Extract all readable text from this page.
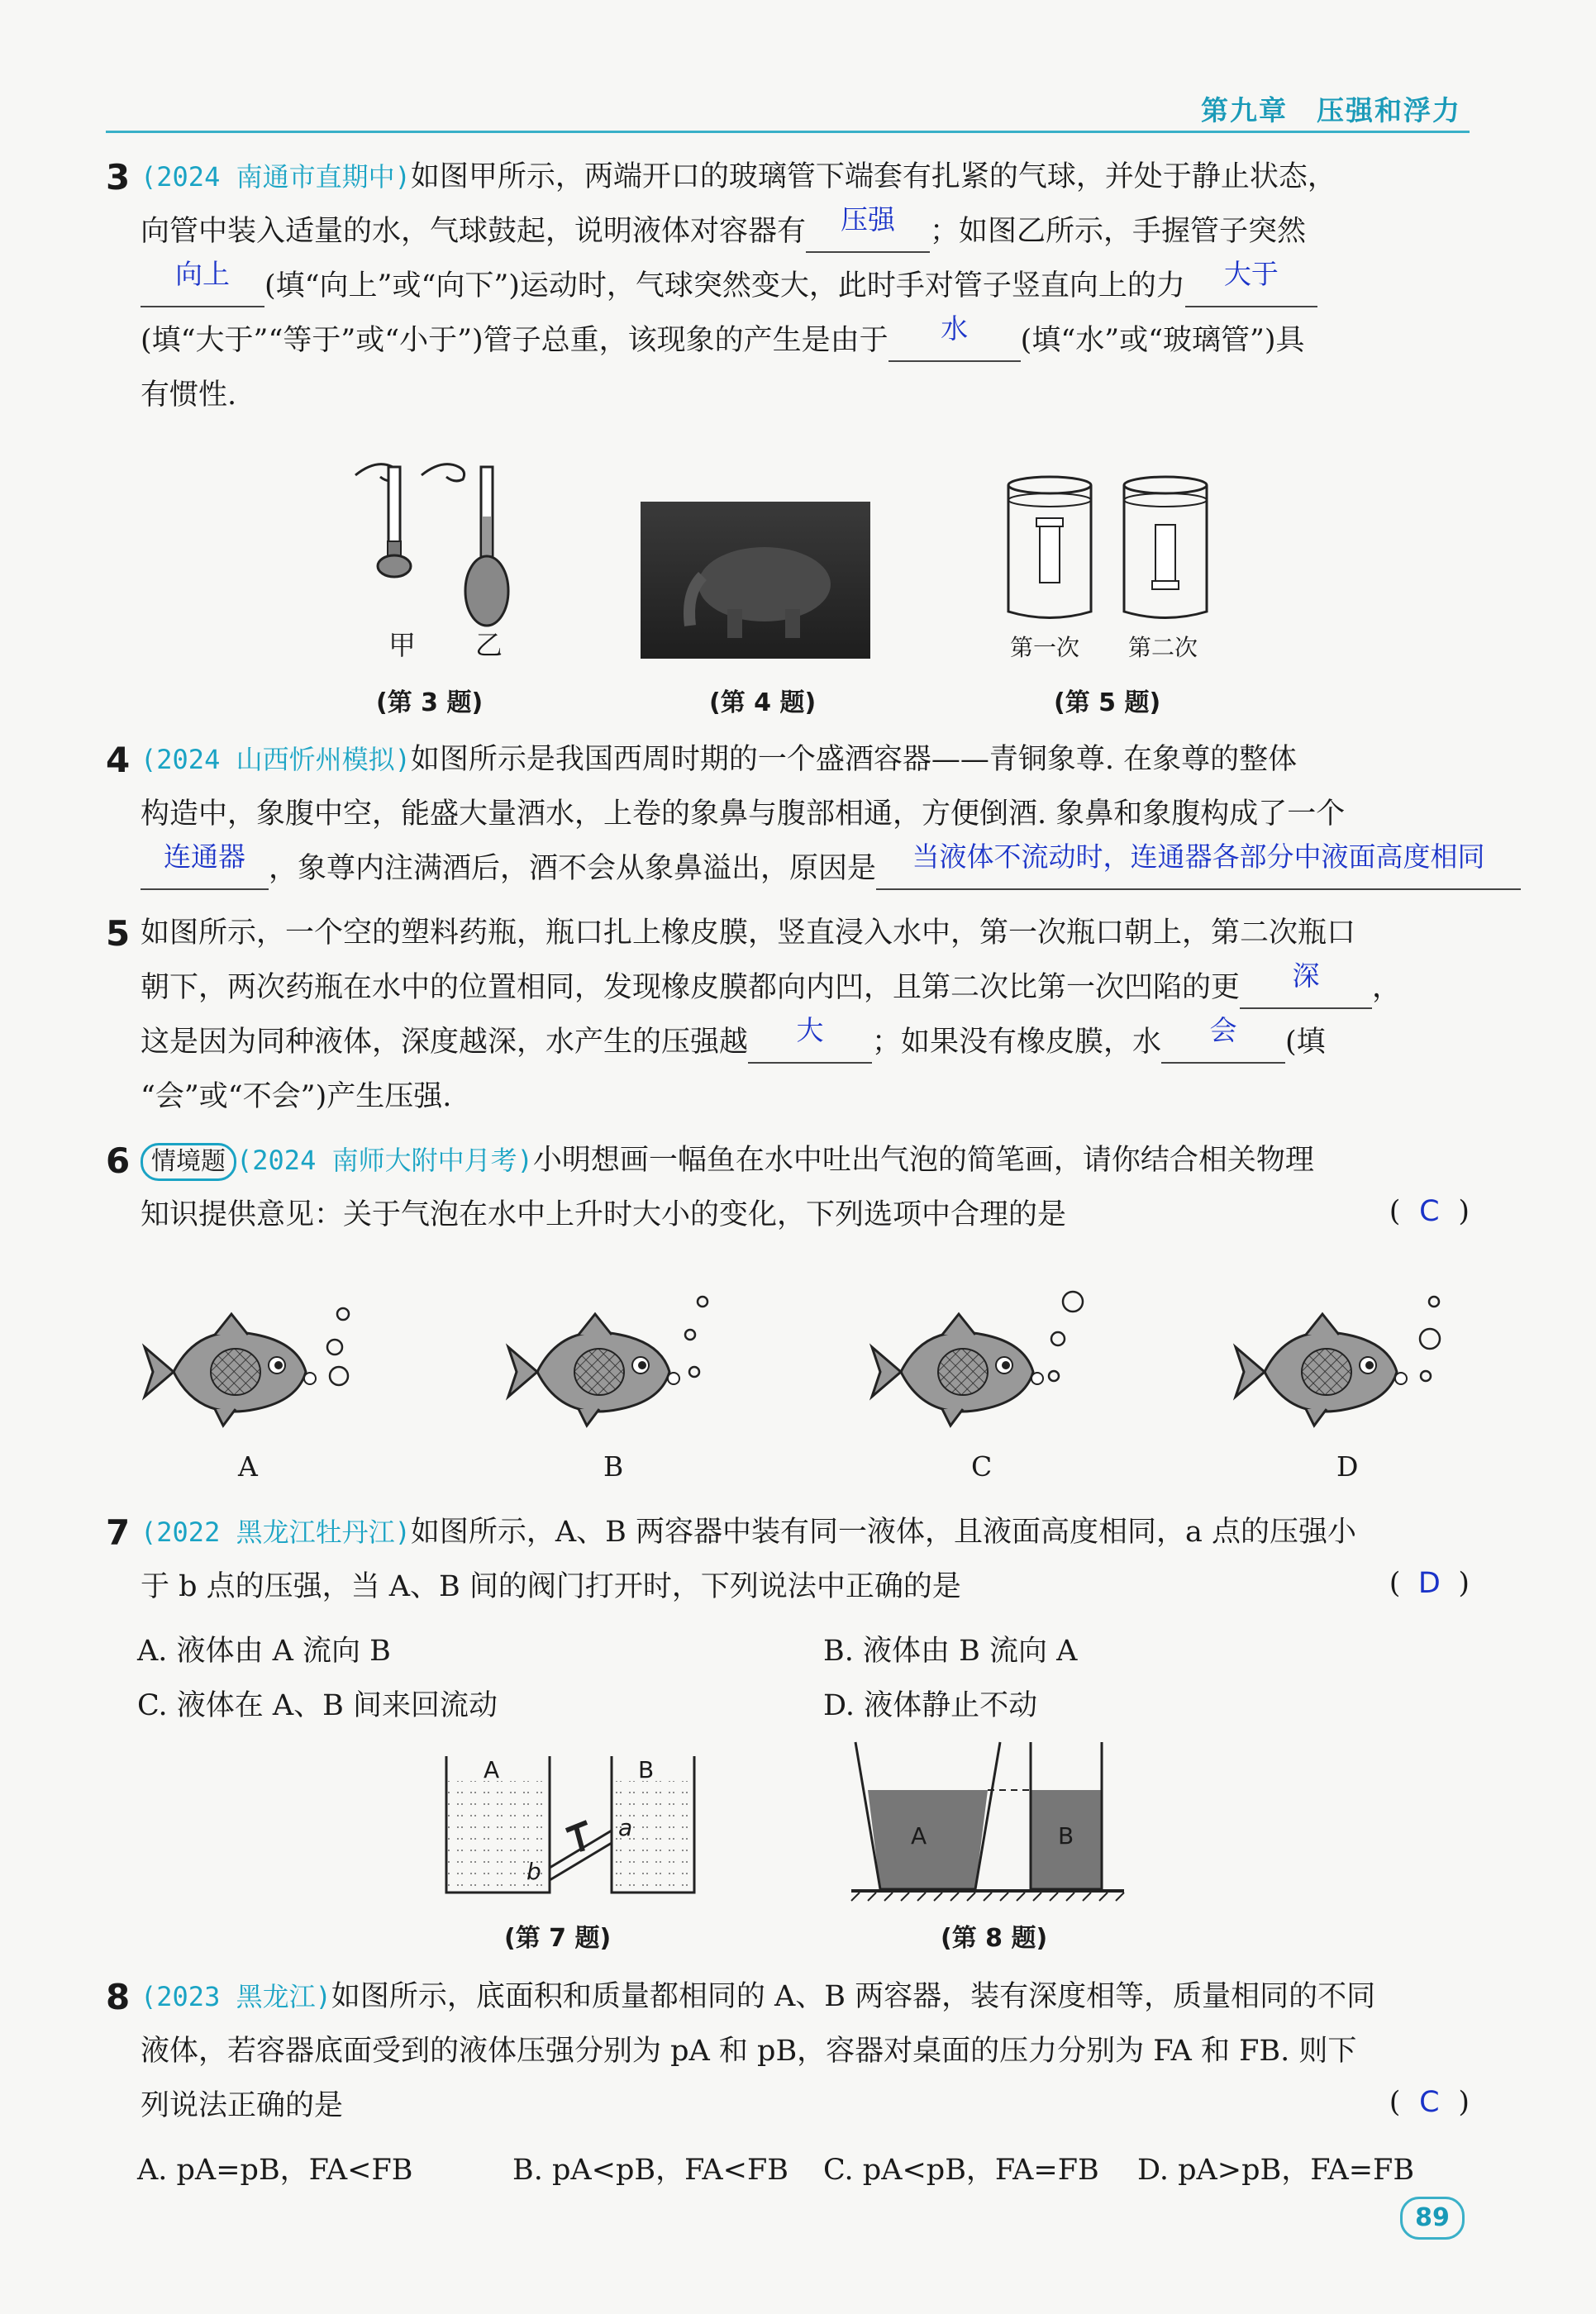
第九章　压强和浮力
3 (2024 南通市直期中)如图甲所示，两端开口的玻璃管下端套有扎紧的气球，并处于静止状态，
向管中装入适量的水，气球鼓起，说明液体对容器有 压强 ；如图乙所示，手握管子突然
向上 (填“向上”或“向下”)运动时，气球突然变大，此时手对管子竖直向上的力 大于
(填“大于”“等于”或“小于”)管子总重，该现象的产生是由于 水 (填“水”或“玻璃管”)具
有惯性.
甲 乙
(第 3 题)	(第 4 题)
第一次 第二次
(第 5 题)
4 (2024 山西忻州模拟)如图所示是我国西周时期的一个盛酒容器——青铜象尊. 在象尊的整体
构造中，象腹中空，能盛大量酒水，上卷的象鼻与腹部相通，方便倒酒. 象鼻和象腹构成了一个
连通器 ，象尊内注满酒后，酒不会从象鼻溢出，原因是 当液体不流动时，连通器各部分中液面高度相同
5 如图所示，一个空的塑料药瓶，瓶口扎上橡皮膜，竖直浸入水中，第一次瓶口朝上，第二次瓶口
朝下，两次药瓶在水中的位置相同，发现橡皮膜都向内凹，且第二次比第一次凹陷的更 深 ，
这是因为同种液体，深度越深，水产生的压强越 大 ；如果没有橡皮膜，水 会 (填
“会”或“不会”)产生压强.
6 情境题 (2024 南师大附中月考)小明想画一幅鱼在水中吐出气泡的简笔画，请你结合相关物理
知识提供意见：关于气泡在水中上升时大小的变化，下列选项中合理的是	( C )
A	B	C	D
7 (2022 黑龙江牡丹江)如图所示，A、B 两容器中装有同一液体，且液面高度相同，a 点的压强小
于 b 点的压强，当 A、B 间的阀门打开时，下列说法中正确的是	( D )
A. 液体由 A 流向 B	B. 液体由 B 流向 A
C. 液体在 A、B 间来回流动	D. 液体静止不动
A	B
a
b
(第 7 题)
A	B
(第 8 题)
8 (2023 黑龙江)如图所示，底面积和质量都相同的 A、B 两容器，装有深度相等，质量相同的不同
液体，若容器底面受到的液体压强分别为 pA 和 pB，容器对桌面的压力分别为 FA 和 FB. 则下
列说法正确的是	( C )
A. pA=pB，FA<FB	B. pA<pB，FA<FB C. pA<pB，FA=FB D. pA>pB，FA=FB
89
